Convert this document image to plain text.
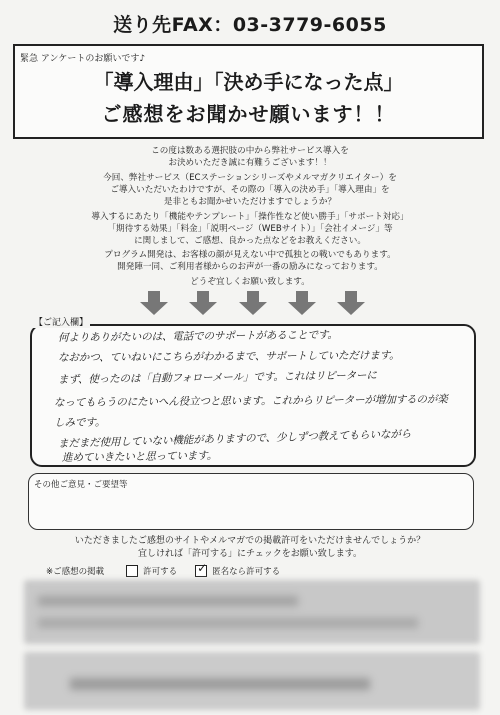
送り先FAX：03-3779-6055
緊急 アンケートのお願いです♪
「導入理由」「決め手になった点」
ご感想をお聞かせ願います！！
この度は数ある選択肢の中から弊社サービス導入を
お決めいただき誠に有難うございます！！
今回、弊社サービス（ECステーションシリーズやメルマガクリエイター）を
ご導入いただいたわけですが、その際の「導入の決め手」「導入理由」を
是非ともお聞かせいただけますでしょうか？
導入するにあたり「機能やテンプレート」「操作性など使い勝手」「サポート対応」
「期待する効果」「料金」「説明ページ（WEBサイト）」「会社イメージ」等
に関しまして、ご感想、良かった点などをお教えください。
プログラム開発は、お客様の顔が見えない中で孤独との戦いでもあります。
開発陣一同、ご利用者様からのお声が一番の励みになっております。
どうぞ宜しくお願い致します。
何よりありがたいのは、電話でのサポートがあることです。
なおかつ、ていねいにこちらがわかるまで、サポートしていただけます。
まず、使ったのは「自動フォローメール」です。これはリピーターに
なってもらうのにたいへん役立つと思います。これからリピーターが増加するのが楽しみです。
まだまだ使用していない機能がありますので、少しずつ教えてもらいながら
進めていきたいと思っています。
【ご記入欄】
その他ご意見・ご要望等
いただきましたご感想のサイトやメルマガでの掲載許可をいただけませんでしょうか？
宜しければ「許可する」にチェックをお願い致します。
※ご感想の掲載	許可する ✓ 匿名なら許可する
